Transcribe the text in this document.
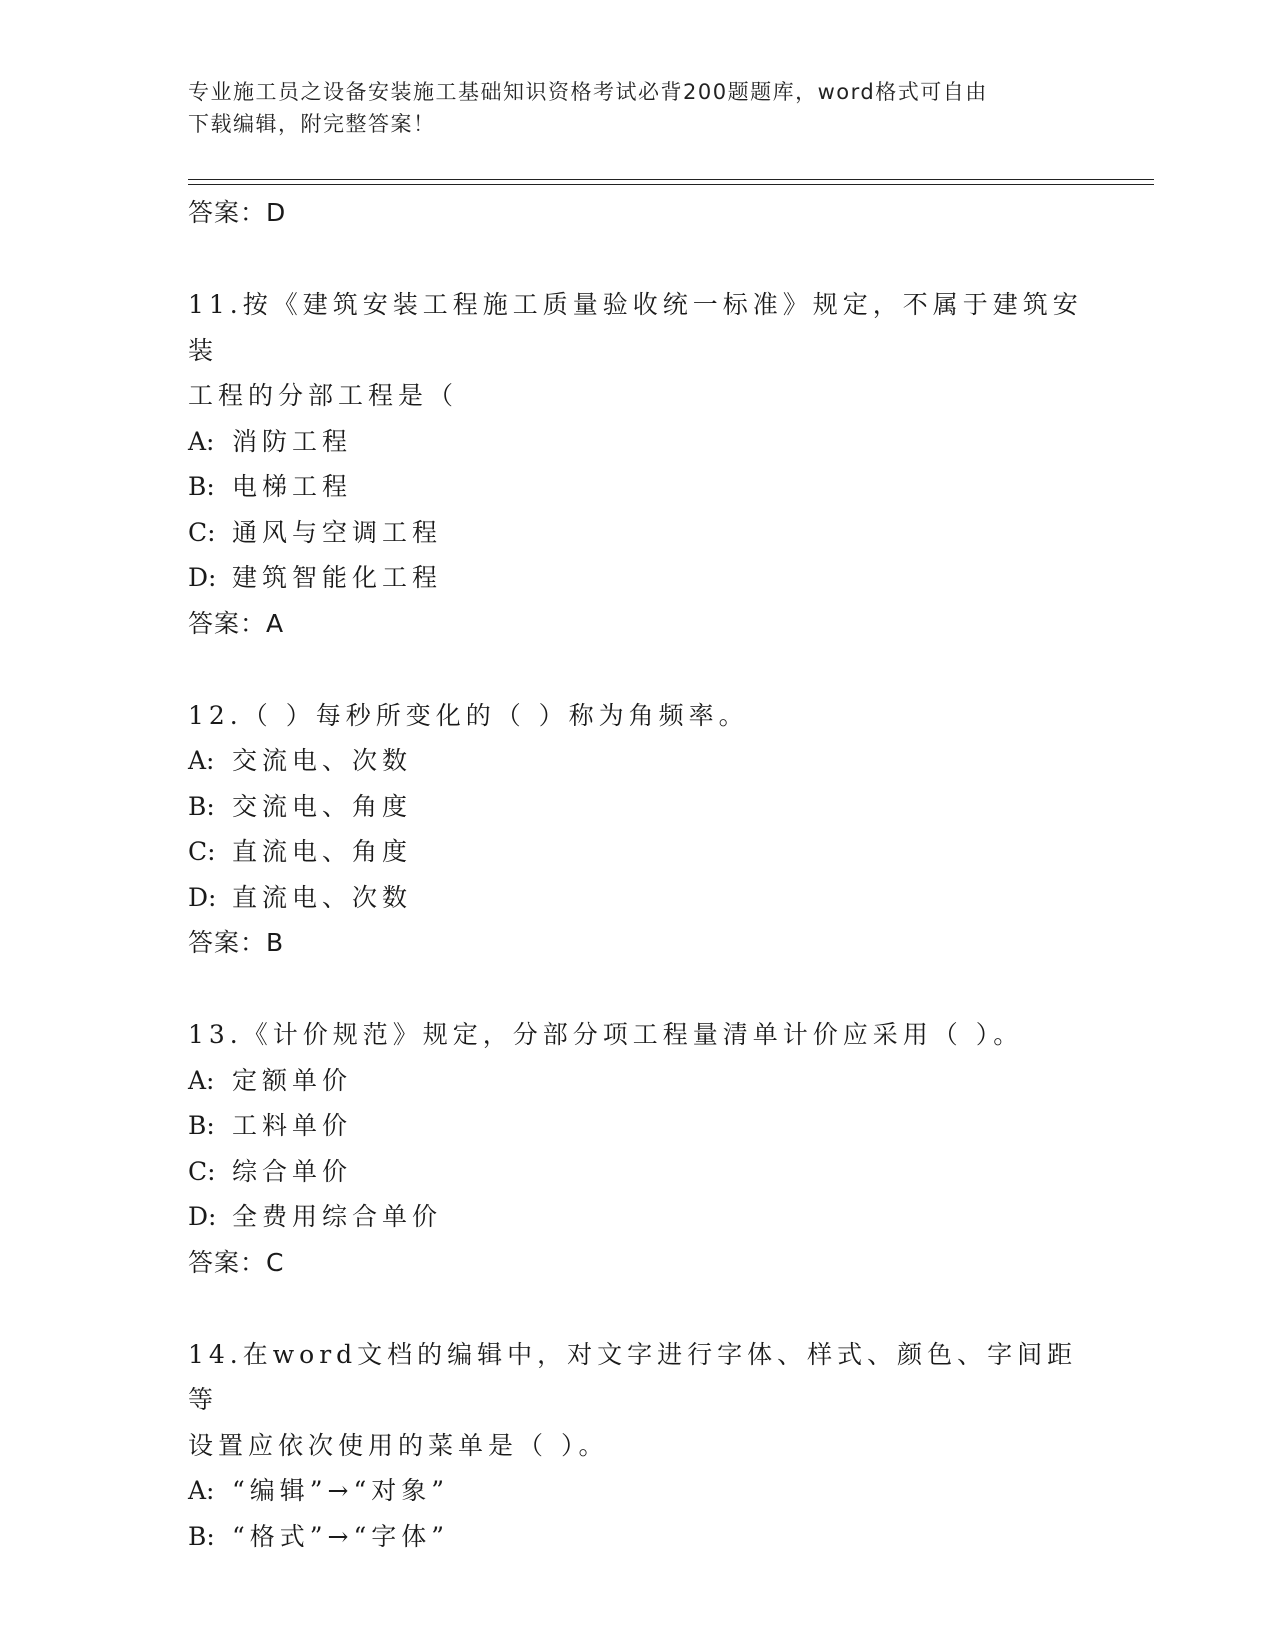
专业施工员之设备安装施工基础知识资格考试必背200题题库，word格式可自由
下载编辑，附完整答案！
答案：D
11.按《建筑安装工程施工质量验收统一标准》规定，不属于建筑安装
工程的分部工程是（
A: 消防工程
B: 电梯工程
C: 通风与空调工程
D: 建筑智能化工程
答案：A
12.（ ）每秒所变化的（ ）称为角频率。
A: 交流电、次数
B: 交流电、角度
C: 直流电、角度
D: 直流电、次数
答案：B
13.《计价规范》规定，分部分项工程量清单计价应采用（ ）。
A: 定额单价
B: 工料单价
C: 综合单价
D: 全费用综合单价
答案：C
14.在word文档的编辑中，对文字进行字体、样式、颜色、字间距等
设置应依次使用的菜单是（ ）。
A: “编辑”→“对象”
B: “格式”→“字体”
